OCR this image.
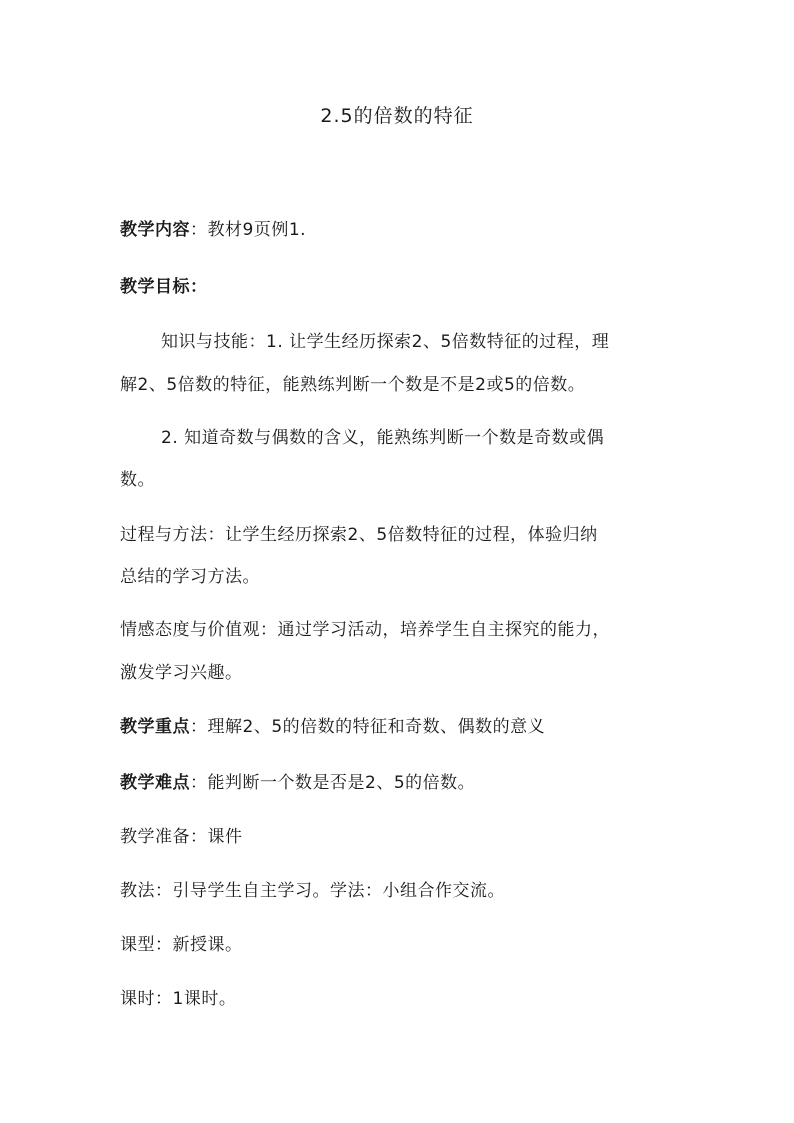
2.5的倍数的特征
教学内容：教材9页例1.
教学目标：
知识与技能：1. 让学生经历探索2、5倍数特征的过程，理
解2、5倍数的特征，能熟练判断一个数是不是2或5的倍数。
2. 知道奇数与偶数的含义，能熟练判断一个数是奇数或偶
数。
过程与方法：让学生经历探索2、5倍数特征的过程，体验归纳
总结的学习方法。
情感态度与价值观：通过学习活动，培养学生自主探究的能力，
激发学习兴趣。
教学重点：理解2、5的倍数的特征和奇数、偶数的意义
教学难点：能判断一个数是否是2、5的倍数。
教学准备：课件
教法：引导学生自主学习。学法：小组合作交流。
课型：新授课。
课时：1课时。
